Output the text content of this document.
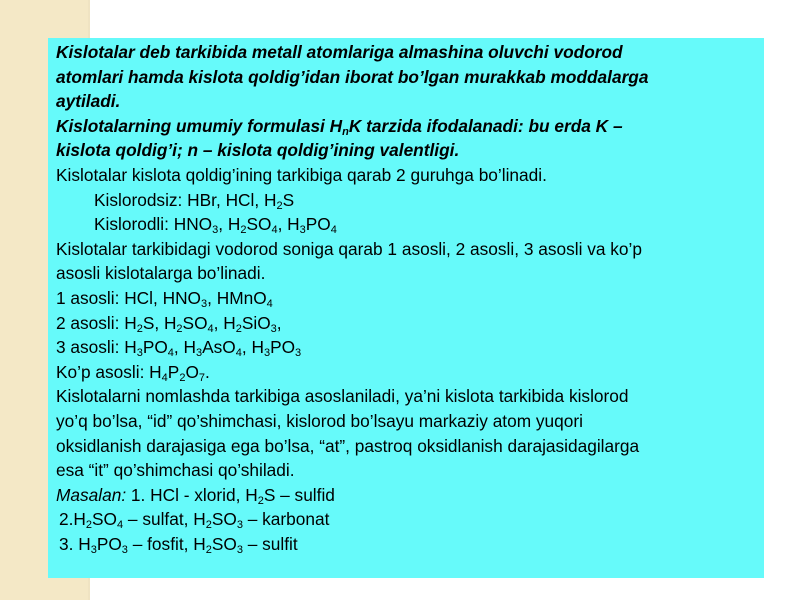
Kislotalar deb tarkibida metall atomlariga almashina oluvchi vodorod
atomlari hamda kislota qoldig’idan iborat bo’lgan murakkab moddalarga
aytiladi.
Kislotalarning umumiy formulasi $H_nK$ tarzida ifodalanadi: bu erda K –
kislota qoldig’i; n – kislota qoldig’ining valentligi.
Kislotalar kislota qoldig’ining tarkibiga qarab 2 guruhga bo’linadi.
Kislorodsiz: HBr, HCl, $H_2S$
Kislorodli: $HNO_3$, $H_2SO_4$, $H_3PO_4$
Kislotalar tarkibidagi vodorod soniga qarab 1 asosli, 2 asosli, 3 asosli va ko’p
asosli kislotalarga bo’linadi.
1 asosli: HCl, $HNO_3$, HMnO$_4$
2 asosli: $H_2S$, $H_2SO_4$, $H_2SiO_3$,
3 asosli: $H_3PO_4$, $H_3AsO_4$, $H_3PO_3$
Ko’p asosli: $H_4P_2O_7$.
Kislotalarni nomlashda tarkibiga asoslaniladi, ya’ni kislota tarkibida kislorod
yo’q bo’lsa, “id” qo’shimchasi, kislorod bo’lsayu markaziy atom yuqori
oksidlanish darajasiga ega bo’lsa, “at”, pastroq oksidlanish darajasidagilarga
esa “it” qo’shimchasi qo’shiladi.
Masalan: 1. HCl - xlorid, $H_2S$ – sulfid
$2.H_2SO_4$ – sulfat, $H_2SO_3$ – karbonat
3. $H_3PO_3$ – fosfit, $H_2SO_3$ – sulfit
